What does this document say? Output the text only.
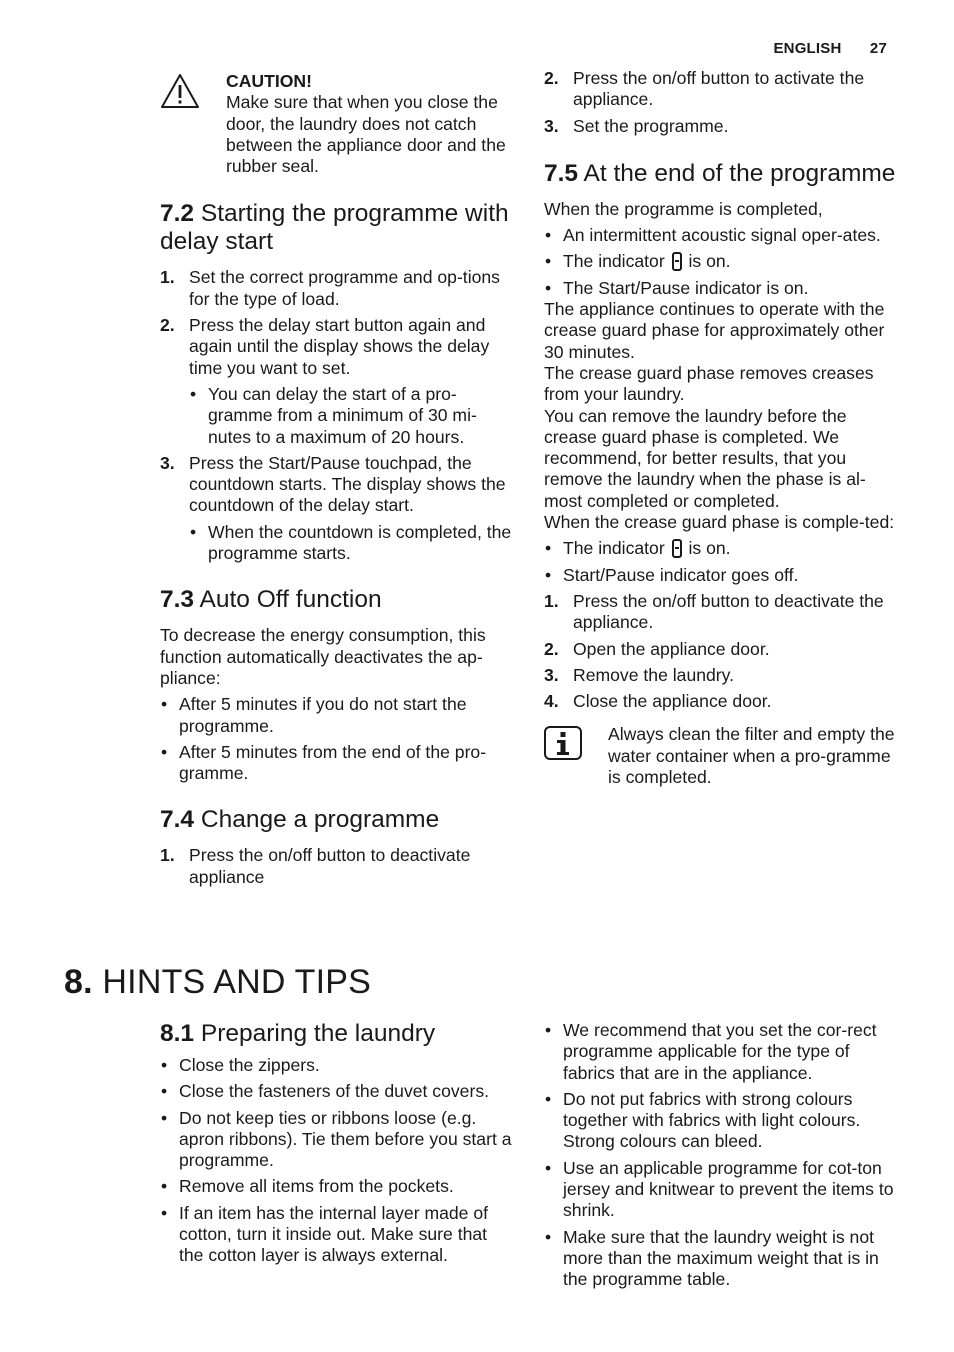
ENGLISH 27
CAUTION!
Make sure that when you close the door, the laundry does not catch between the appliance door and the rubber seal.
7.2 Starting the programme with delay start
1. Set the correct programme and op-tions for the type of load.
2. Press the delay start button again and again until the display shows the delay time you want to set.
• You can delay the start of a pro-gramme from a minimum of 30 mi-nutes to a maximum of 20 hours.
3. Press the Start/Pause touchpad, the countdown starts. The display shows the countdown of the delay start.
• When the countdown is completed, the programme starts.
7.3 Auto Off function

To decrease the energy consumption, this function automatically deactivates the ap-pliance:

• After 5 minutes if you do not start the programme.
• After 5 minutes from the end of the pro-gramme.
7.4 Change a programme
1. Press the on/off button to deactivate appliance
2. Press the on/off button to activate the appliance.
3. Set the programme.
7.5 At the end of the programme

When the programme is completed,

• An intermittent acoustic signal oper-ates.
• The indicator is on.
• The Start/Pause indicator is on.

The appliance continues to operate with the crease guard phase for approximately other 30 minutes.

The crease guard phase removes creases from your laundry.

You can remove the laundry before the crease guard phase is completed. We recommend, for better results, that you remove the laundry when the phase is al-most completed or completed.

When the crease guard phase is comple-ted:

• The indicator is on.
• Start/Pause indicator goes off.
1. Press the on/off button to deactivate the appliance.
2. Open the appliance door.
3. Remove the laundry.
4. Close the appliance door.
Always clean the filter and empty the water container when a pro-gramme is completed.
8. HINTS AND TIPS
8.1 Preparing the laundry
• Close the zippers.
• Close the fasteners of the duvet covers.
• Do not keep ties or ribbons loose (e.g. apron ribbons). Tie them before you start a programme.
• Remove all items from the pockets.
• If an item has the internal layer made of cotton, turn it inside out. Make sure that the cotton layer is always external.
• We recommend that you set the cor-rect programme applicable for the type of fabrics that are in the appliance.
• Do not put fabrics with strong colours together with fabrics with light colours. Strong colours can bleed.
• Use an applicable programme for cot-ton jersey and knitwear to prevent the items to shrink.
• Make sure that the laundry weight is not more than the maximum weight that is in the programme table.
